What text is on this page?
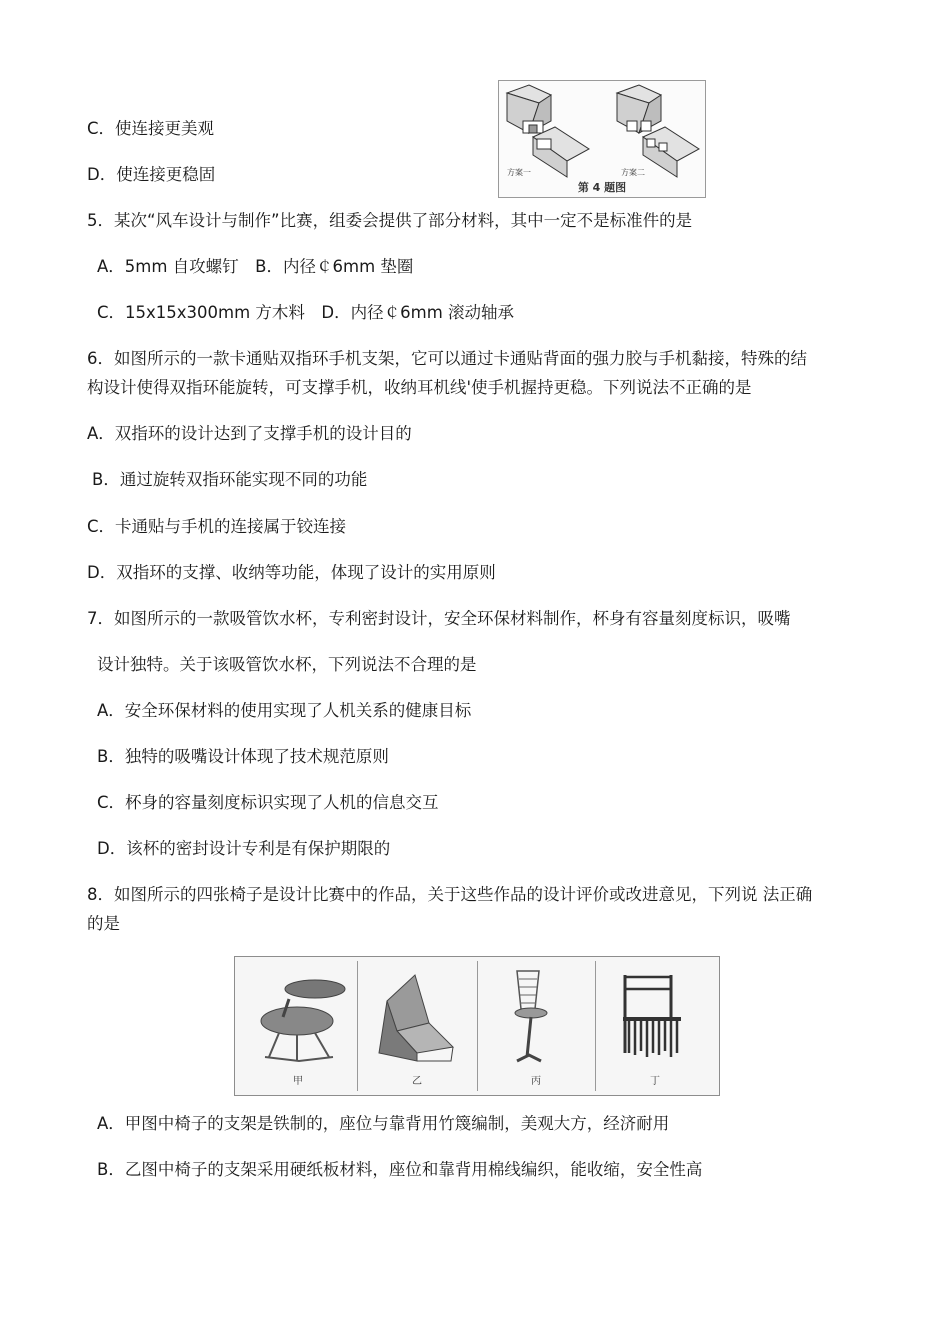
C．使连接更美观
D．使连接更稳固
5．某次“风车设计与制作”比赛，组委会提供了部分材料，其中一定不是标准件的是
A．5mm 自攻螺钉　B．内径￠6mm 垫圈
C．15x15x300mm 方木料　D．内径￠6mm 滚动轴承
6．如图所示的一款卡通贴双指环手机支架，它可以通过卡通贴背面的强力胶与手机黏接，特殊的结
构设计使得双指环能旋转，可支撑手机，收纳耳机线'使手机握持更稳。下列说法不正确的是
A．双指环的设计达到了支撑手机的设计目的
B．通过旋转双指环能实现不同的功能
C．卡通贴与手机的连接属于铰连接
D．双指环的支撑、收纳等功能，体现了设计的实用原则
7．如图所示的一款吸管饮水杯，专利密封设计，安全环保材料制作，杯身有容量刻度标识，吸嘴
设计独特。关于该吸管饮水杯，下列说法不合理的是
A．安全环保材料的使用实现了人机关系的健康目标
B．独特的吸嘴设计体现了技术规范原则
C．杯身的容量刻度标识实现了人机的信息交互
D．该杯的密封设计专利是有保护期限的
8．如图所示的四张椅子是设计比赛中的作品，关于这些作品的设计评价或改进意见，下列说 法正确
的是
A．甲图中椅子的支架是铁制的，座位与靠背用竹篾编制，美观大方，经济耐用
B．乙图中椅子的支架采用硬纸板材料，座位和靠背用棉线编织，能收缩，安全性高
方案一	方案二
第 4 题图
甲	乙	丙	丁
